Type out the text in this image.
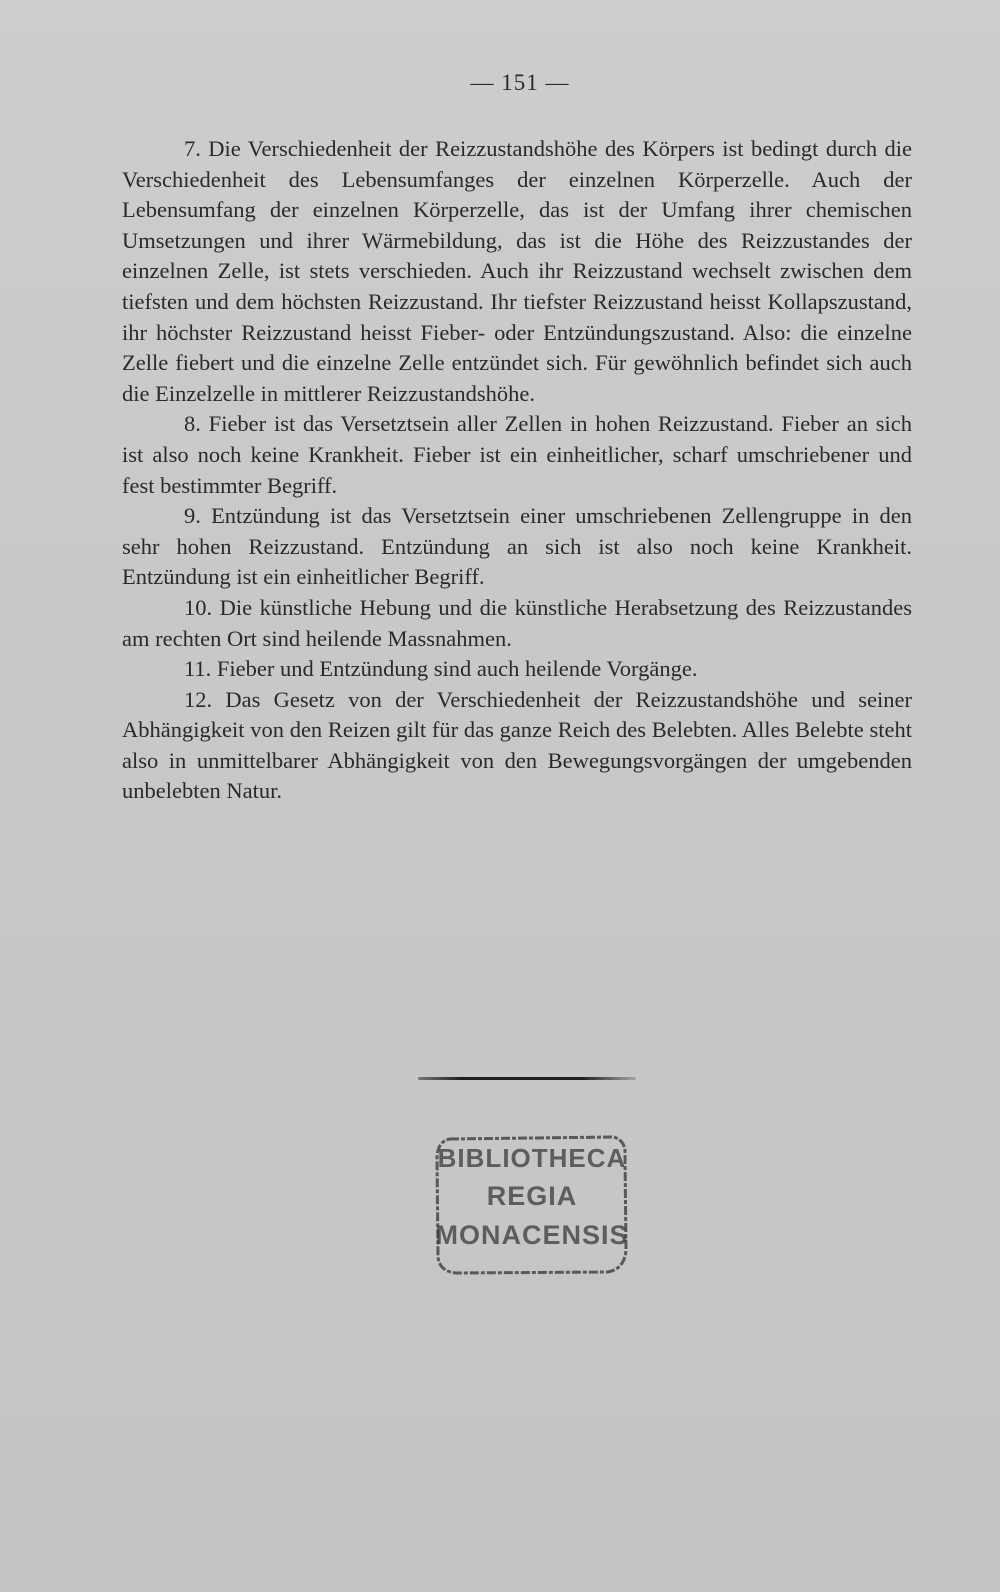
— 151 —

7. Die Verschiedenheit der Reizzustandshöhe des Körpers ist bedingt durch die Verschiedenheit des Lebensumfanges der einzelnen Körperzelle. Auch der Lebensumfang der einzelnen Körperzelle, das ist der Umfang ihrer chemischen Umsetzungen und ihrer Wärmebildung, das ist die Höhe des Reizzustandes der einzelnen Zelle, ist stets verschieden. Auch ihr Reizzustand wechselt zwischen dem tiefsten und dem höchsten Reizzustand. Ihr tiefster Reizzustand heisst Kollapszustand, ihr höchster Reizzustand heisst Fieber- oder Entzündungszustand. Also: die einzelne Zelle fiebert und die einzelne Zelle entzündet sich. Für gewöhnlich befindet sich auch die Einzelzelle in mittlerer Reizzustandshöhe.

8. Fieber ist das Versetztsein aller Zellen in hohen Reizzustand. Fieber an sich ist also noch keine Krankheit. Fieber ist ein einheitlicher, scharf umschriebener und fest bestimmter Begriff.

9. Entzündung ist das Versetztsein einer umschriebenen Zellengruppe in den sehr hohen Reizzustand. Entzündung an sich ist also noch keine Krankheit. Entzündung ist ein einheitlicher Begriff.

10. Die künstliche Hebung und die künstliche Herabsetzung des Reizzustandes am rechten Ort sind heilende Massnahmen.

11. Fieber und Entzündung sind auch heilende Vorgänge.

12. Das Gesetz von der Verschiedenheit der Reizzustandshöhe und seiner Abhängigkeit von den Reizen gilt für das ganze Reich des Belebten. Alles Belebte steht also in unmittelbarer Abhängigkeit von den Bewegungsvorgängen der umgebenden unbelebten Natur.

BIBLIOTHECA
REGIA
MONACENSIS
